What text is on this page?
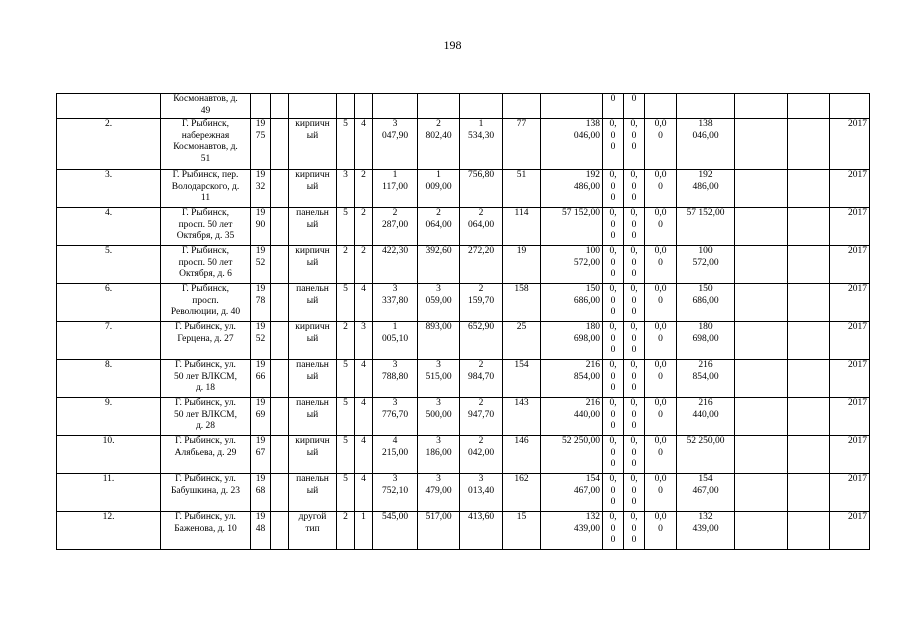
198
	Космонавтов, д.
49											0	0					
2.	Г. Рыбинск,
набережная
Космонавтов, д.
51	19
75		кирпичн
ый	5	4	3
047,90	2
802,40	1
534,30	77	138
046,00	0,
0
0	0,
0
0	0,0
0	138
046,00			2017
3.	Г. Рыбинск, пер.
Володарского, д.
11	19
32		кирпичн
ый	3	2	1
117,00	1
009,00	756,80	51	192
486,00	0,
0
0	0,
0
0	0,0
0	192
486,00			2017
4.	Г. Рыбинск,
просп. 50 лет
Октября, д. 35	19
90		панельн
ый	5	2	2
287,00	2
064,00	2
064,00	114	57 152,00	0,
0
0	0,
0
0	0,0
0	57 152,00			2017
5.	Г. Рыбинск,
просп. 50 лет
Октября, д. 6	19
52		кирпичн
ый	2	2	422,30	392,60	272,20	19	100
572,00	0,
0
0	0,
0
0	0,0
0	100
572,00			2017
6.	Г. Рыбинск,
просп.
Революции, д. 40	19
78		панельн
ый	5	4	3
337,80	3
059,00	2
159,70	158	150
686,00	0,
0
0	0,
0
0	0,0
0	150
686,00			2017
7.	Г. Рыбинск, ул.
Герцена, д. 27	19
52		кирпичн
ый	2	3	1
005,10	893,00	652,90	25	180
698,00	0,
0
0	0,
0
0	0,0
0	180
698,00			2017
8.	Г. Рыбинск, ул.
50 лет ВЛКСМ,
д. 18	19
66		панельн
ый	5	4	3
788,80	3
515,00	2
984,70	154	216
854,00	0,
0
0	0,
0
0	0,0
0	216
854,00			2017
9.	Г. Рыбинск, ул.
50 лет ВЛКСМ,
д. 28	19
69		панельн
ый	5	4	3
776,70	3
500,00	2
947,70	143	216
440,00	0,
0
0	0,
0
0	0,0
0	216
440,00			2017
10.	Г. Рыбинск, ул.
Алябьева, д. 29	19
67		кирпичн
ый	5	4	4
215,00	3
186,00	2
042,00	146	52 250,00	0,
0
0	0,
0
0	0,0
0	52 250,00			2017
11.	Г. Рыбинск, ул.
Бабушкина, д. 23	19
68		панельн
ый	5	4	3
752,10	3
479,00	3
013,40	162	154
467,00	0,
0
0	0,
0
0	0,0
0	154
467,00			2017
12.	Г. Рыбинск, ул.
Баженова, д. 10	19
48		другой
тип	2	1	545,00	517,00	413,60	15	132
439,00	0,
0
0	0,
0
0	0,0
0	132
439,00			2017
